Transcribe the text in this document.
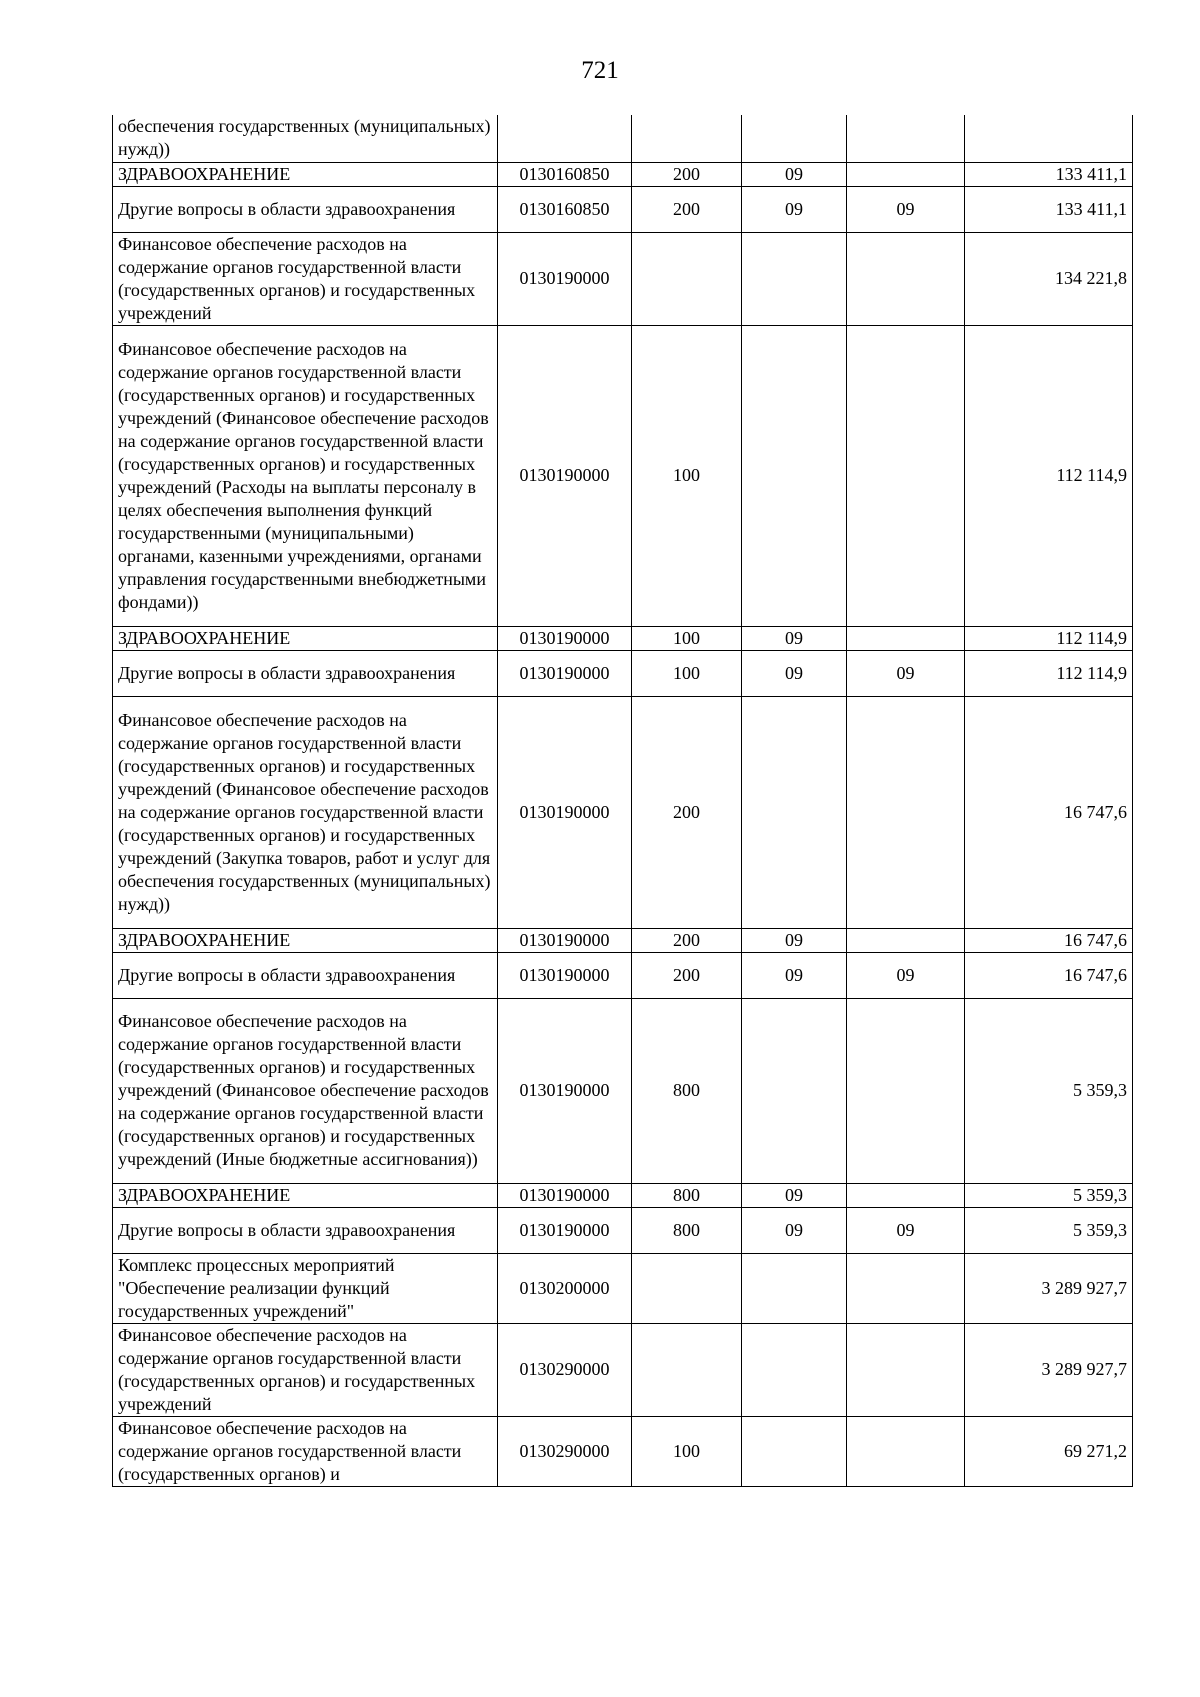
721
обеспечения государственных (муниципальных) нужд))					
ЗДРАВООХРАНЕНИЕ	0130160850	200	09		133 411,1
Другие вопросы в области здравоохранения	0130160850	200	09	09	133 411,1
Финансовое обеспечение расходов на содержание органов государственной власти (государственных органов) и государственных учреждений	0130190000				134 221,8
Финансовое обеспечение расходов на содержание органов государственной власти (государственных органов) и государственных учреждений (Финансовое обеспечение расходов на содержание органов государственной власти (государственных органов) и государственных учреждений (Расходы на выплаты персоналу в целях обеспечения выполнения функций государственными (муниципальными) органами, казенными учреждениями, органами управления государственными внебюджетными фондами))	0130190000	100			112 114,9
ЗДРАВООХРАНЕНИЕ	0130190000	100	09		112 114,9
Другие вопросы в области здравоохранения	0130190000	100	09	09	112 114,9
Финансовое обеспечение расходов на содержание органов государственной власти (государственных органов) и государственных учреждений (Финансовое обеспечение расходов на содержание органов государственной власти (государственных органов) и государственных учреждений (Закупка товаров, работ и услуг для обеспечения государственных (муниципальных) нужд))	0130190000	200			16 747,6
ЗДРАВООХРАНЕНИЕ	0130190000	200	09		16 747,6
Другие вопросы в области здравоохранения	0130190000	200	09	09	16 747,6
Финансовое обеспечение расходов на содержание органов государственной власти (государственных органов) и государственных учреждений (Финансовое обеспечение расходов на содержание органов государственной власти (государственных органов) и государственных учреждений (Иные бюджетные ассигнования))	0130190000	800			5 359,3
ЗДРАВООХРАНЕНИЕ	0130190000	800	09		5 359,3
Другие вопросы в области здравоохранения	0130190000	800	09	09	5 359,3
Комплекс процессных мероприятий "Обеспечение реализации функций государственных учреждений"	0130200000				3 289 927,7
Финансовое обеспечение расходов на содержание органов государственной власти (государственных органов) и государственных учреждений	0130290000				3 289 927,7
Финансовое обеспечение расходов на содержание органов государственной власти (государственных органов) и	0130290000	100			69 271,2
